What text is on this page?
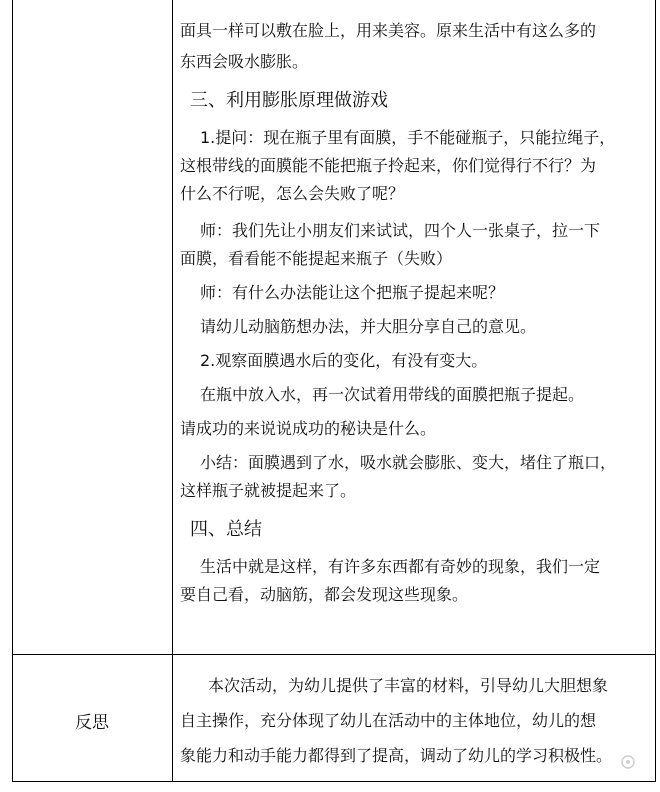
面具一样可以敷在脸上，用来美容。原来生活中有这么多的

东西会吸水膨胀。

三、利用膨胀原理做游戏

1.提问：现在瓶子里有面膜，手不能碰瓶子，只能拉绳子，

这根带线的面膜能不能把瓶子拎起来，你们觉得行不行？为

什么不行呢，怎么会失败了呢？

师：我们先让小朋友们来试试，四个人一张桌子，拉一下

面膜，看看能不能提起来瓶子（失败）

师：有什么办法能让这个把瓶子提起来呢？

请幼儿动脑筋想办法，并大胆分享自己的意见。

2.观察面膜遇水后的变化，有没有变大。

在瓶中放入水，再一次试着用带线的面膜把瓶子提起。

请成功的来说说成功的秘诀是什么。

小结：面膜遇到了水，吸水就会膨胀、变大，堵住了瓶口，

这样瓶子就被提起来了。

四、总结

生活中就是这样，有许多东西都有奇妙的现象，我们一定

要自己看，动脑筋，都会发现这些现象。

反思

本次活动，为幼儿提供了丰富的材料，引导幼儿大胆想象

自主操作，充分体现了幼儿在活动中的主体地位，幼儿的想

象能力和动手能力都得到了提高，调动了幼儿的学习积极性。
